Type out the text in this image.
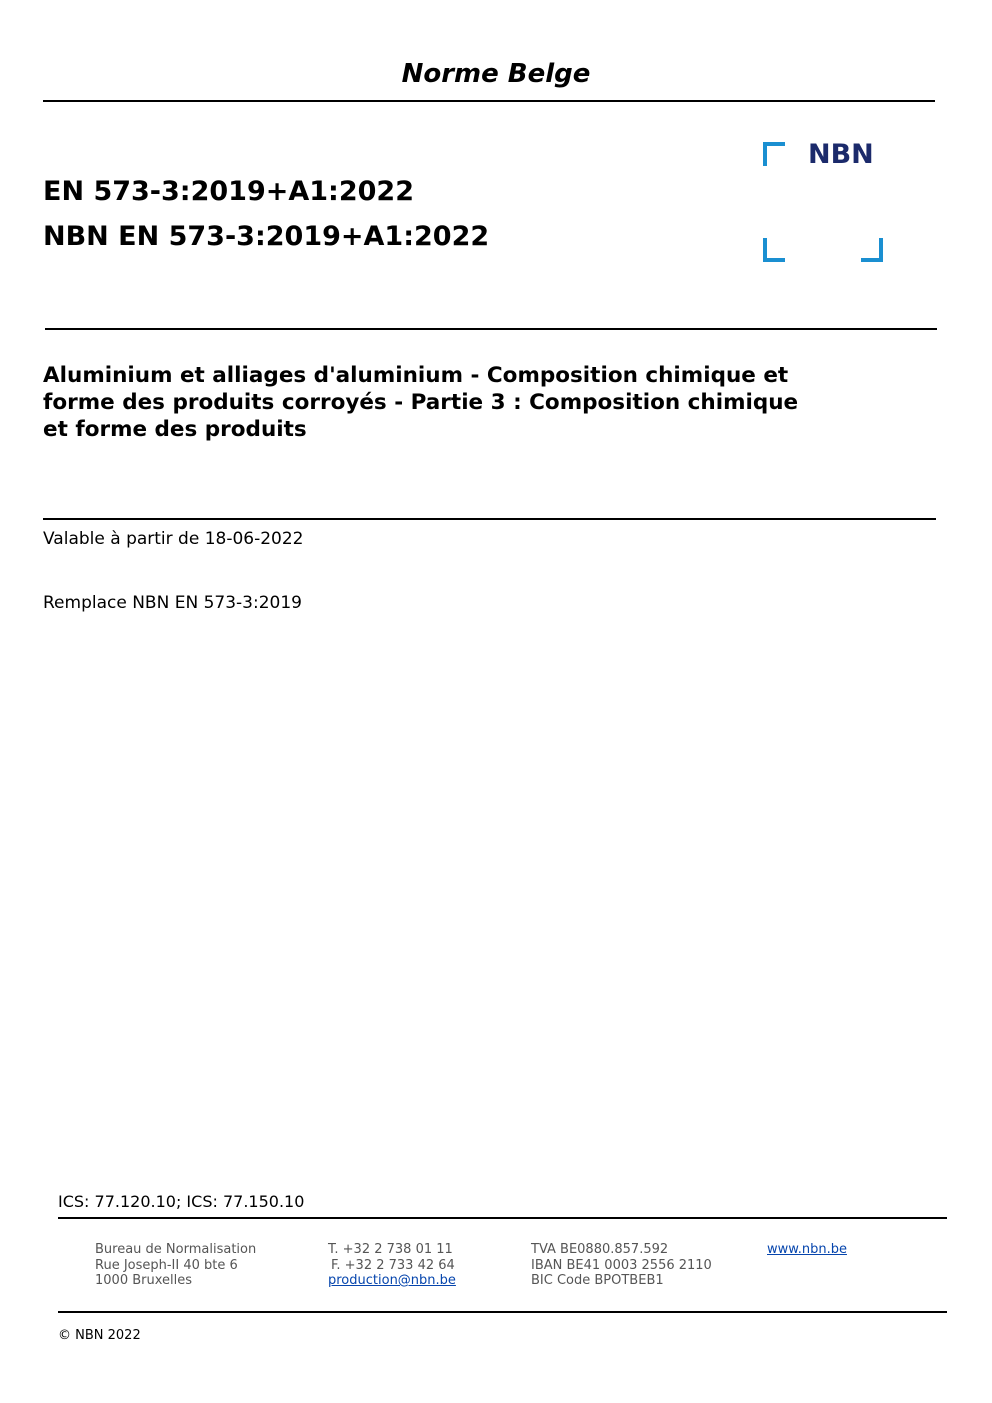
Norme Belge
EN 573-3:2019+A1:2022
NBN EN 573-3:2019+A1:2022
NBN
Aluminium et alliages d'aluminium - Composition chimique et
forme des produits corroyés - Partie 3 : Composition chimique
et forme des produits
Valable à partir de 18-06-2022
Remplace NBN EN 573-3:2019
ICS: 77.120.10; ICS: 77.150.10
Bureau de Normalisation
Rue Joseph-II 40 bte 6
1000 Bruxelles
T. +32 2 738 01 11
F. +32 2 733 42 64
production@nbn.be
TVA BE0880.857.592
IBAN BE41 0003 2556 2110
BIC Code BPOTBEB1
www.nbn.be
© NBN 2022
